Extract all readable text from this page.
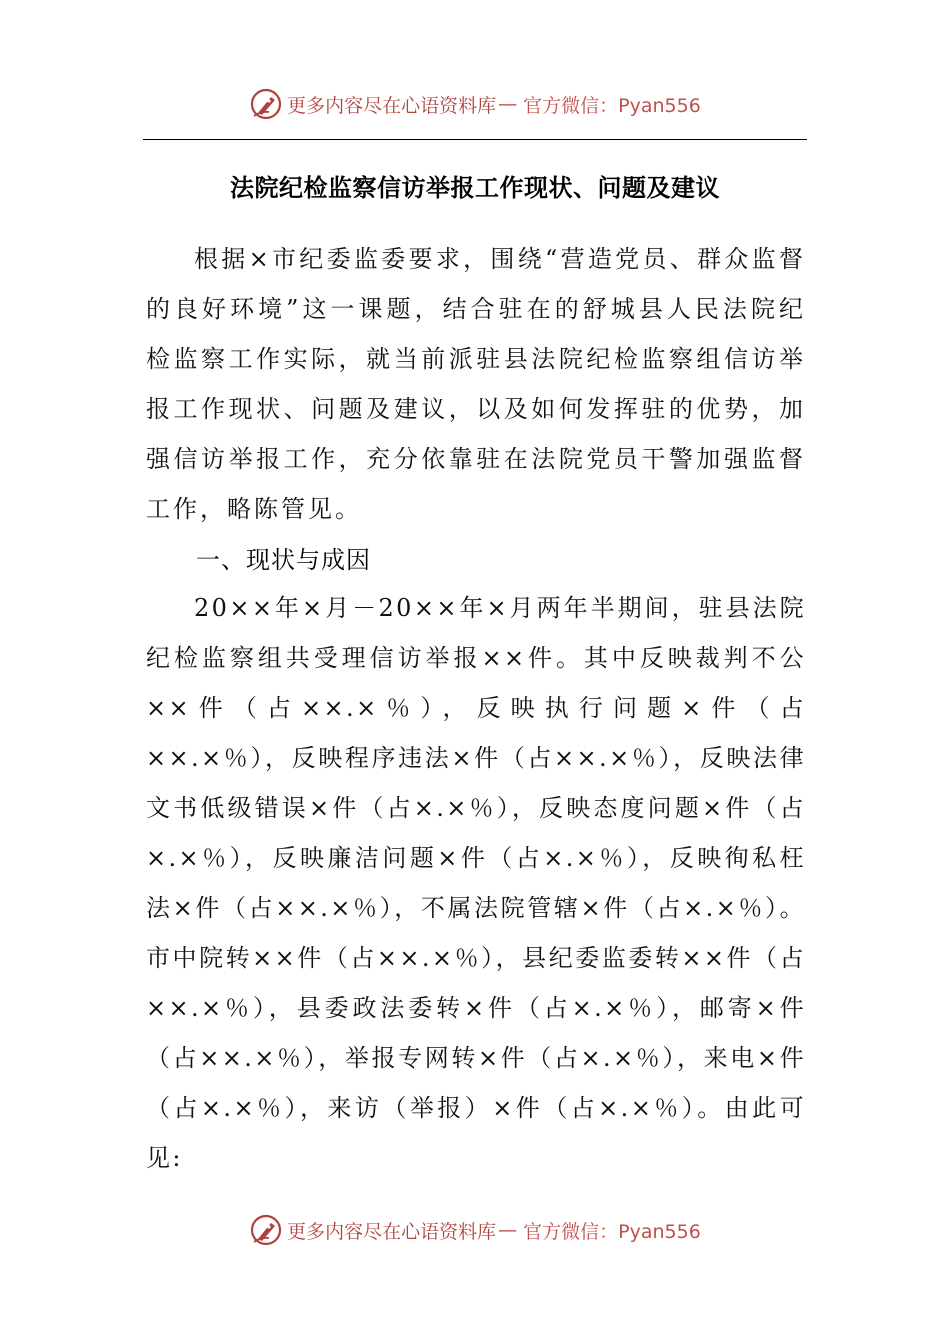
更多内容尽在心语资料库 — 官方微信：Pyan556
法院纪检监察信访举报工作现状、问题及建议
根据×市纪委监委要求，围绕“营造党员、群众监督的良好环境”这一课题，结合驻在的舒城县人民法院纪检监察工作实际，就当前派驻县法院纪检监察组信访举报工作现状、问题及建议，以及如何发挥驻的优势，加强信访举报工作，充分依靠驻在法院党员干警加强监督工作，略陈管见。
一、现状与成因
20××年×月－20××年×月两年半期间，驻县法院纪检监察组共受理信访举报××件。其中反映裁判不公××件（占××.×％），反映执行问题×件（占××.×％），反映程序违法×件（占××.×％），反映法律文书低级错误×件（占×.×％），反映态度问题×件（占×.×％），反映廉洁问题×件（占×.×％），反映徇私枉法×件（占××.×％），不属法院管辖×件（占×.×％）。市中院转××件（占××.×％），县纪委监委转××件（占××.×％），县委政法委转×件（占×.×％），邮寄×件（占××.×％），举报专网转×件（占×.×％），来电×件（占×.×％），来访（举报）×件（占×.×％）。由此可见:
更多内容尽在心语资料库 — 官方微信：Pyan556
